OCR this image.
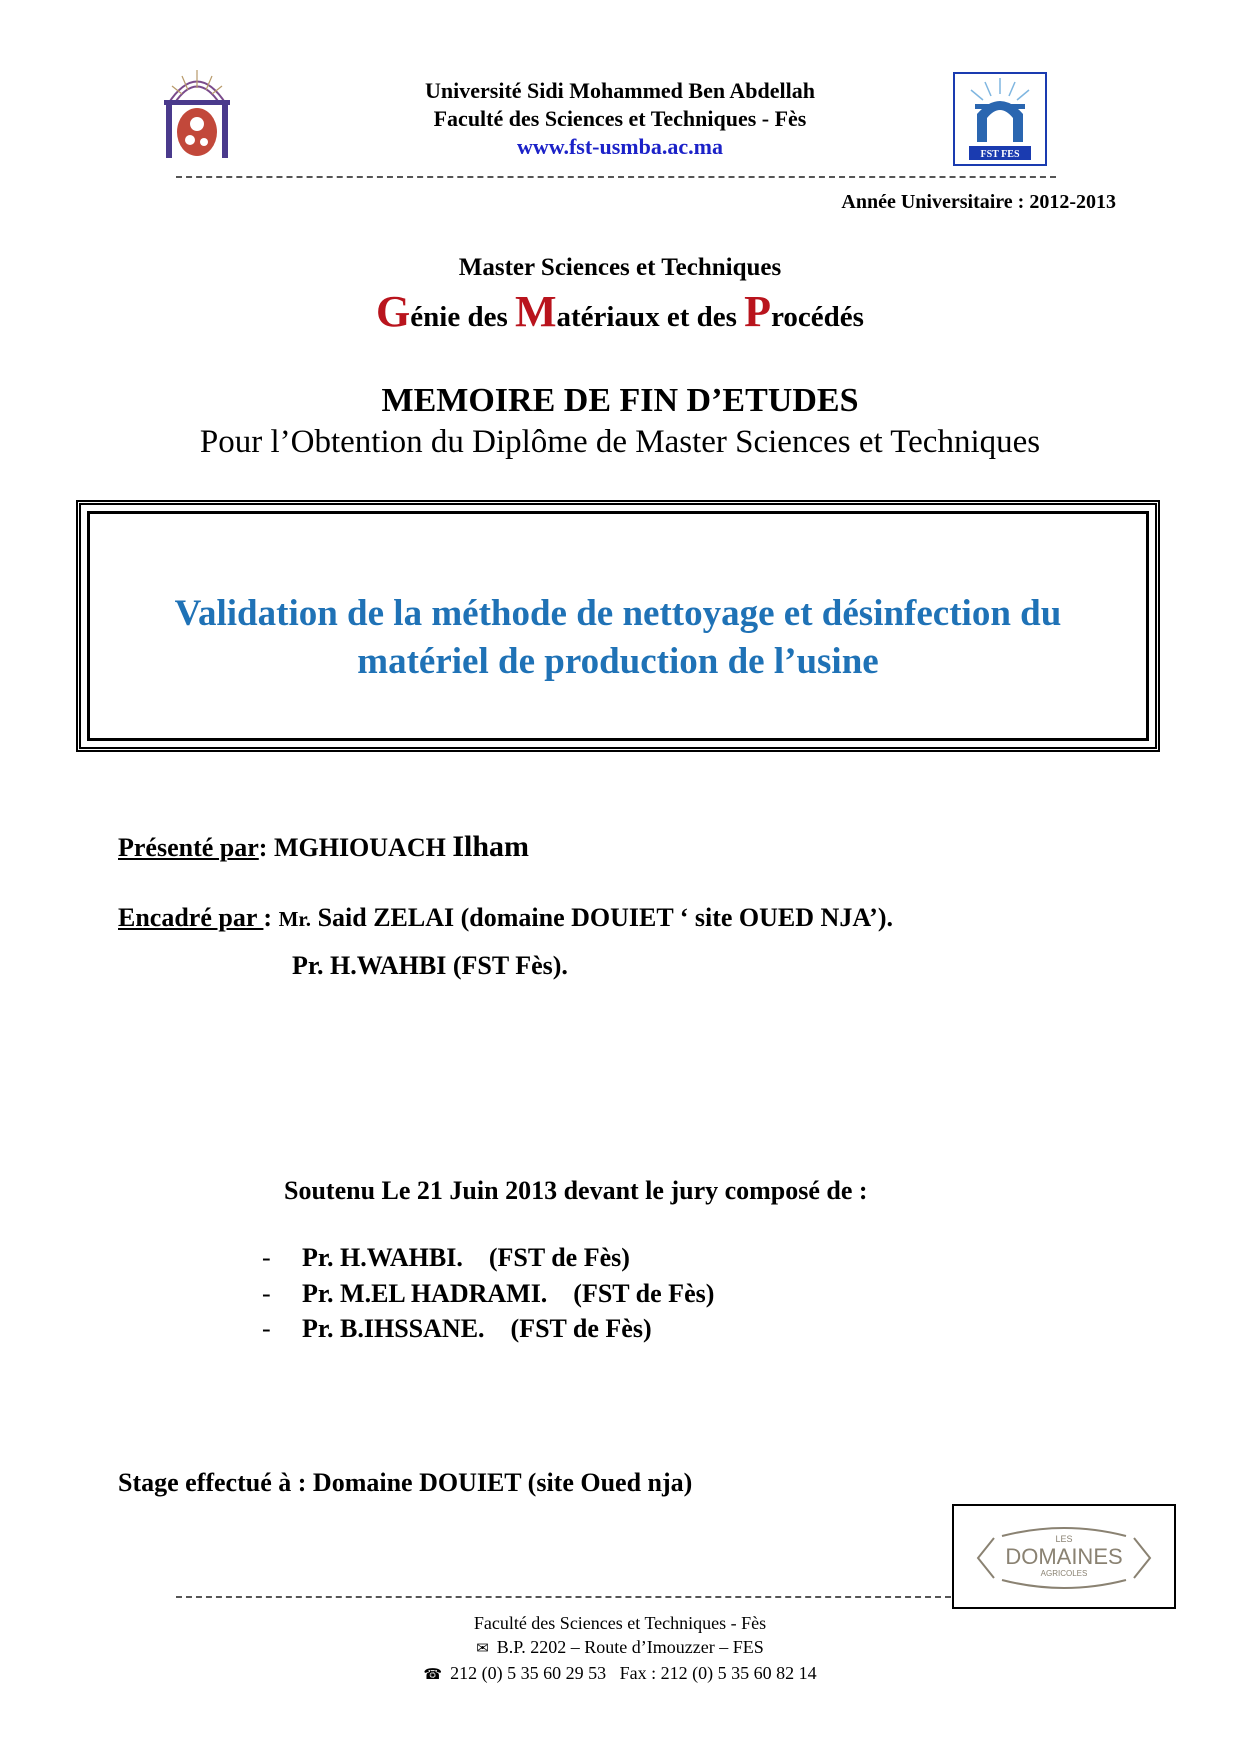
Université Sidi Mohammed Ben Abdellah
Faculté des Sciences et Techniques - Fès
www.fst-usmba.ac.ma	FST FES
Année Universitaire : 2012-2013
Master Sciences et Techniques
Génie des Matériaux et des Procédés
MEMOIRE DE FIN D’ETUDES
Pour l’Obtention du Diplôme de Master Sciences et Techniques
Validation de la méthode de nettoyage et désinfection du
matériel de production de l’usine
Présenté par: MGHIOUACH Ilham
Encadré par : Mr. Said ZELAI (domaine DOUIET ‘ site OUED NJA’).
Pr. H.WAHBI (FST Fès).
Soutenu Le 21 Juin 2013 devant le jury composé de :
- Pr. H.WAHBI.    (FST de Fès)
- Pr. M.EL HADRAMI.    (FST de Fès)
- Pr. B.IHSSANE.    (FST de Fès)
Stage effectué à : Domaine DOUIET (site Oued nja)
LES
DOMAINES
AGRICOLES
Faculté des Sciences et Techniques - Fès
✉ B.P. 2202 – Route d’Imouzzer – FES
☎ 212 (0) 5 35 60 29 53   Fax : 212 (0) 5 35 60 82 14
